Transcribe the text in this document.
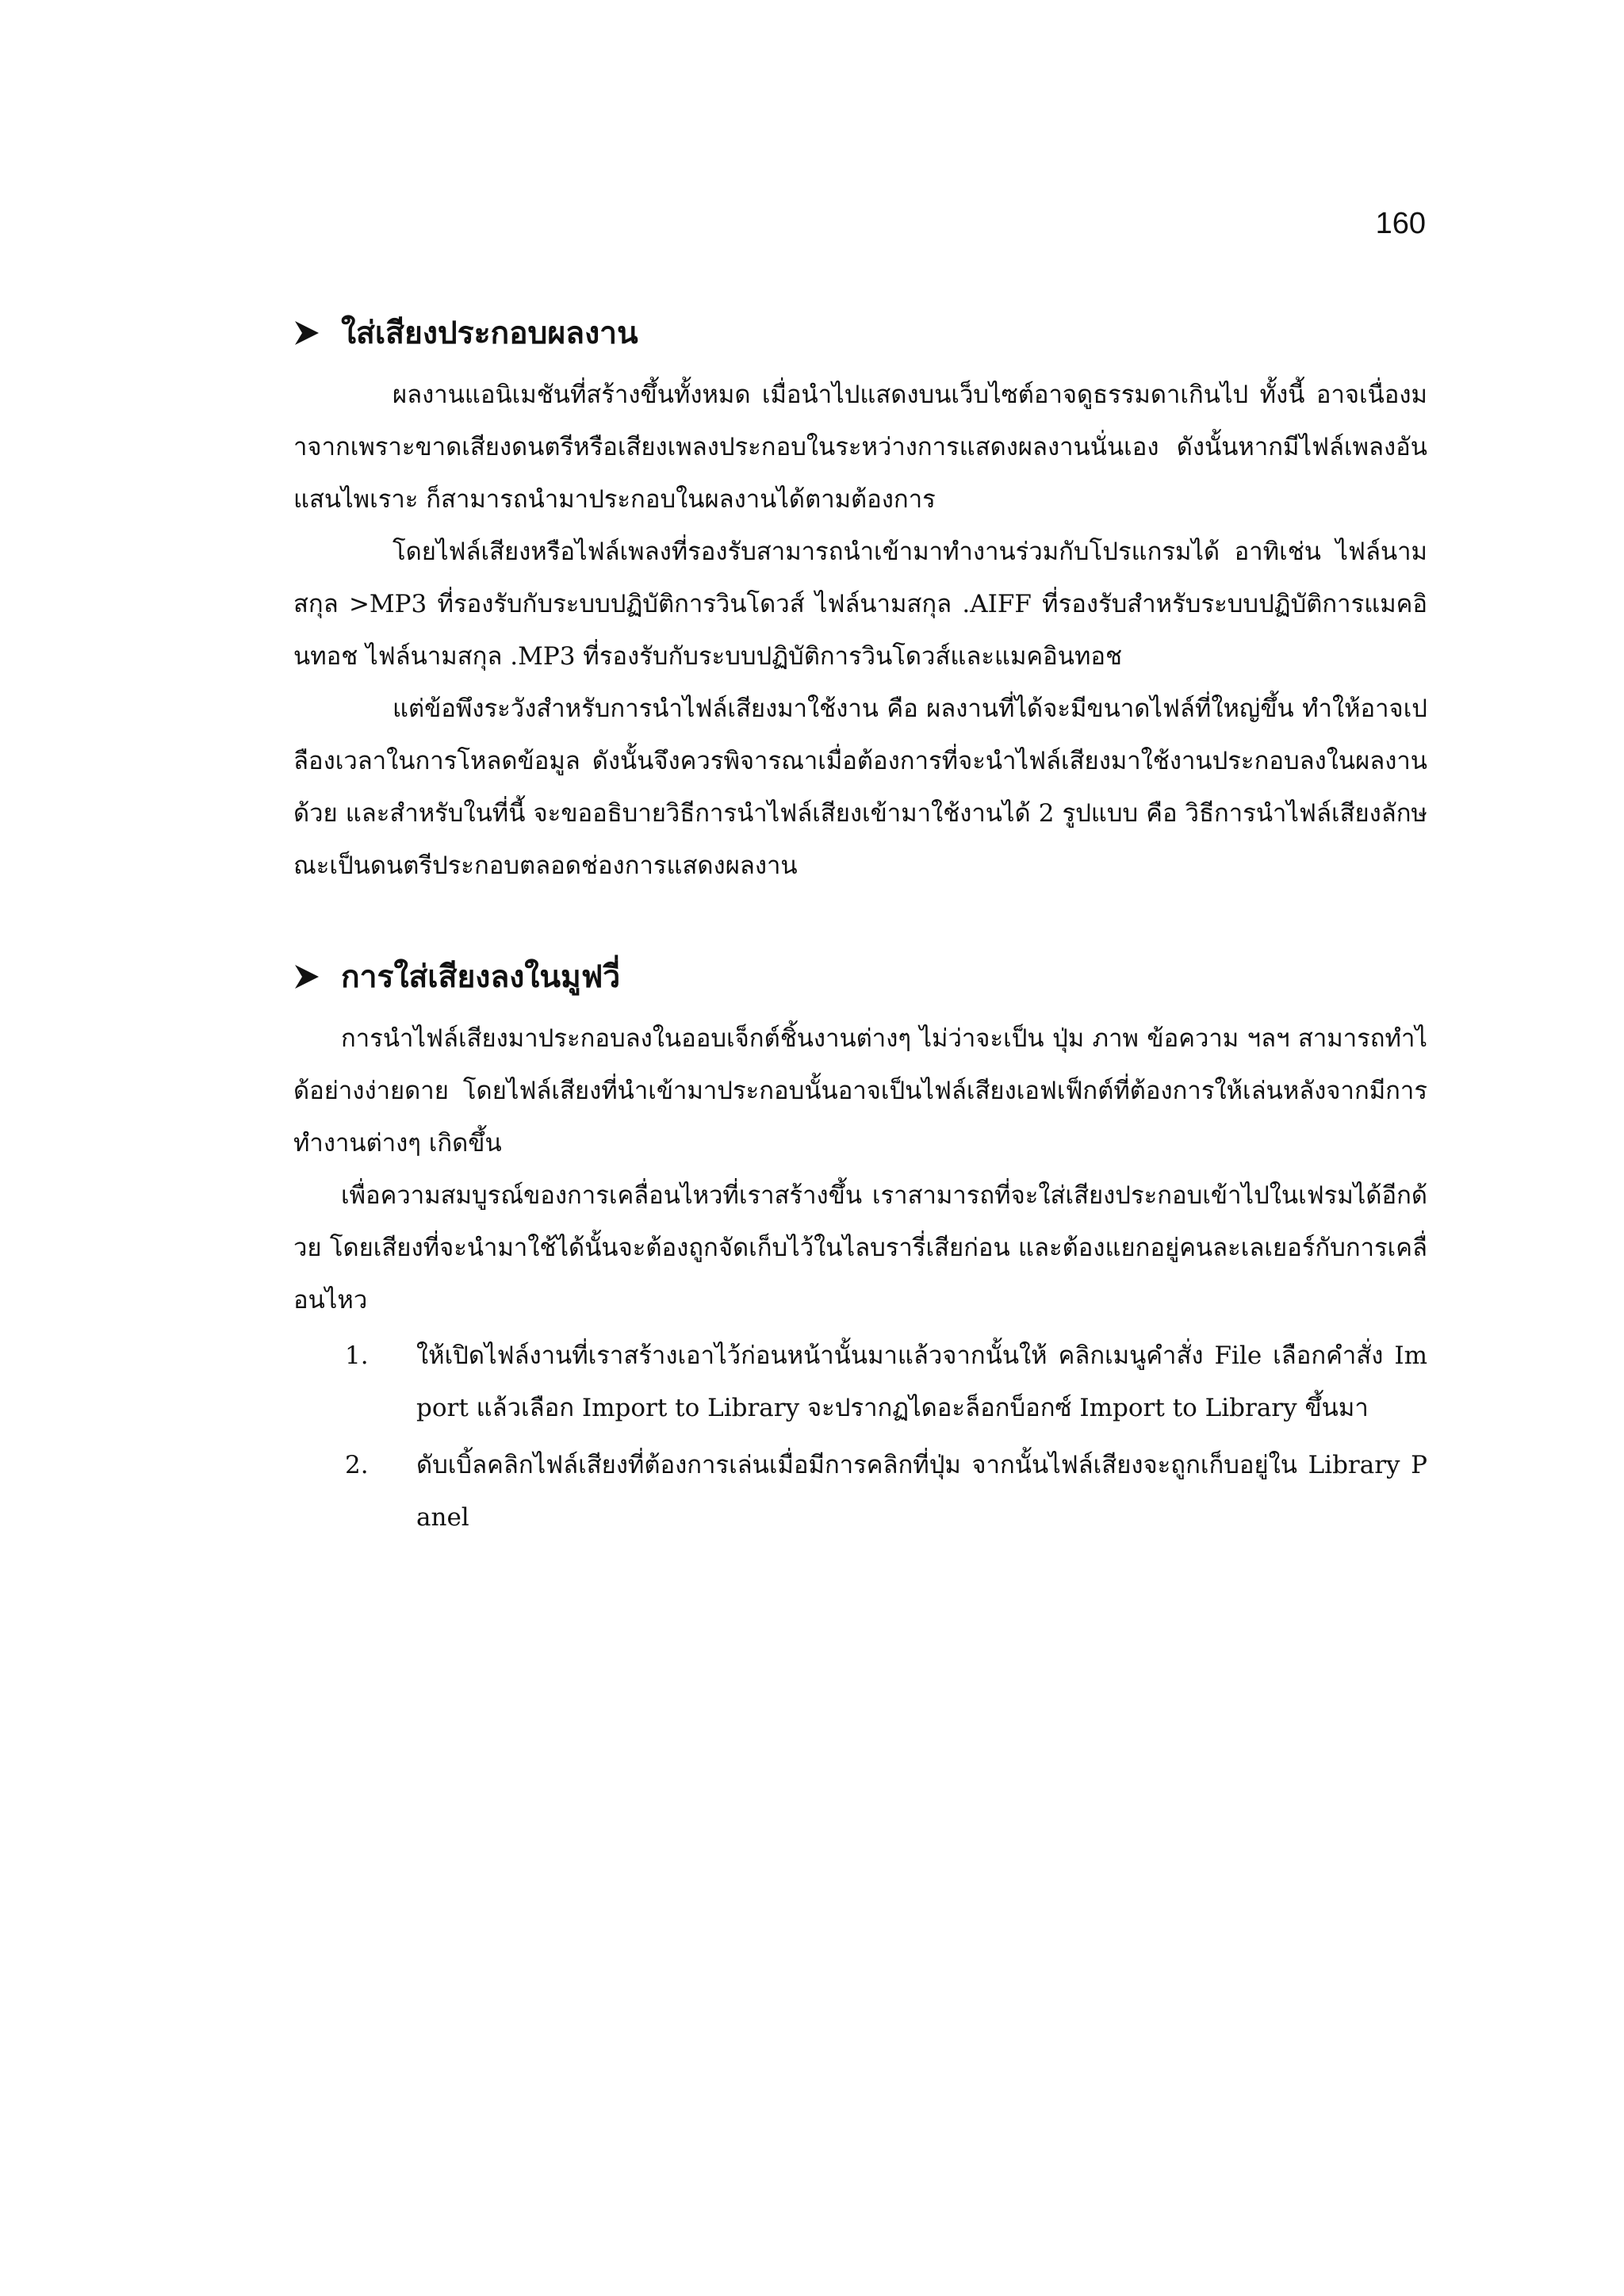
160
ใส่เสียงประกอบผลงาน

ผลงานแอนิเมชันที่สร้างขึ้นทั้งหมด เมื่อนำไปแสดงบนเว็บไซต์อาจดูธรรมดาเกินไป ทั้งนี้ อาจเนื่องมาจากเพราะขาดเสียงดนตรีหรือเสียงเพลงประกอบในระหว่างการแสดงผลงานนั่นเอง ดังนั้นหากมีไฟล์เพลงอันแสนไพเราะ ก็สามารถนำมาประกอบในผลงานได้ตามต้องการ

โดยไฟล์เสียงหรือไฟล์เพลงที่รองรับสามารถนำเข้ามาทำงานร่วมกับโปรแกรมได้ อาทิเช่น ไฟล์นามสกุล >MP3 ที่รองรับกับระบบปฏิบัติการวินโดวส์ ไฟล์นามสกุล .AIFF ที่รองรับสำหรับระบบปฏิบัติการแมคอินทอช ไฟล์นามสกุล .MP3 ที่รองรับกับระบบปฏิบัติการวินโดวส์และแมคอินทอช

แต่ข้อพึงระวังสำหรับการนำไฟล์เสียงมาใช้งาน คือ ผลงานที่ได้จะมีขนาดไฟล์ที่ใหญ่ขึ้น ทำให้อาจเปลืองเวลาในการโหลดข้อมูล ดังนั้นจึงควรพิจารณาเมื่อต้องการที่จะนำไฟล์เสียงมาใช้งานประกอบลงในผลงานด้วย และสำหรับในที่นี้ จะขออธิบายวิธีการนำไฟล์เสียงเข้ามาใช้งานได้ 2 รูปแบบ คือ วิธีการนำไฟล์เสียงลักษณะเป็นดนตรีประกอบตลอดช่องการแสดงผลงาน

การใส่เสียงลงในมูฟวี่

การนำไฟล์เสียงมาประกอบลงในออบเจ็กต์ชิ้นงานต่างๆ ไม่ว่าจะเป็น ปุ่ม ภาพ ข้อความ ฯลฯ สามารถทำได้อย่างง่ายดาย โดยไฟล์เสียงที่นำเข้ามาประกอบนั้นอาจเป็นไฟล์เสียงเอฟเฟ็กต์ที่ต้องการให้เล่นหลังจากมีการทำงานต่างๆ เกิดขึ้น

เพื่อความสมบูรณ์ของการเคลื่อนไหวที่เราสร้างขึ้น เราสามารถที่จะใส่เสียงประกอบเข้าไปในเฟรมได้อีกด้วย โดยเสียงที่จะนำมาใช้ได้นั้นจะต้องถูกจัดเก็บไว้ในไลบรารี่เสียก่อน และต้องแยกอยู่คนละเลเยอร์กับการเคลื่อนไหว

1.	ให้เปิดไฟล์งานที่เราสร้างเอาไว้ก่อนหน้านั้นมาแล้วจากนั้นให้ คลิกเมนูคำสั่ง File เลือกคำสั่ง Import แล้วเลือก Import to Library จะปรากฏไดอะล็อกบ็อกซ์ Import to Library ขึ้นมา
2.	ดับเบิ้ลคลิกไฟล์เสียงที่ต้องการเล่นเมื่อมีการคลิกที่ปุ่ม จากนั้นไฟล์เสียงจะถูกเก็บอยู่ใน Library Panel
